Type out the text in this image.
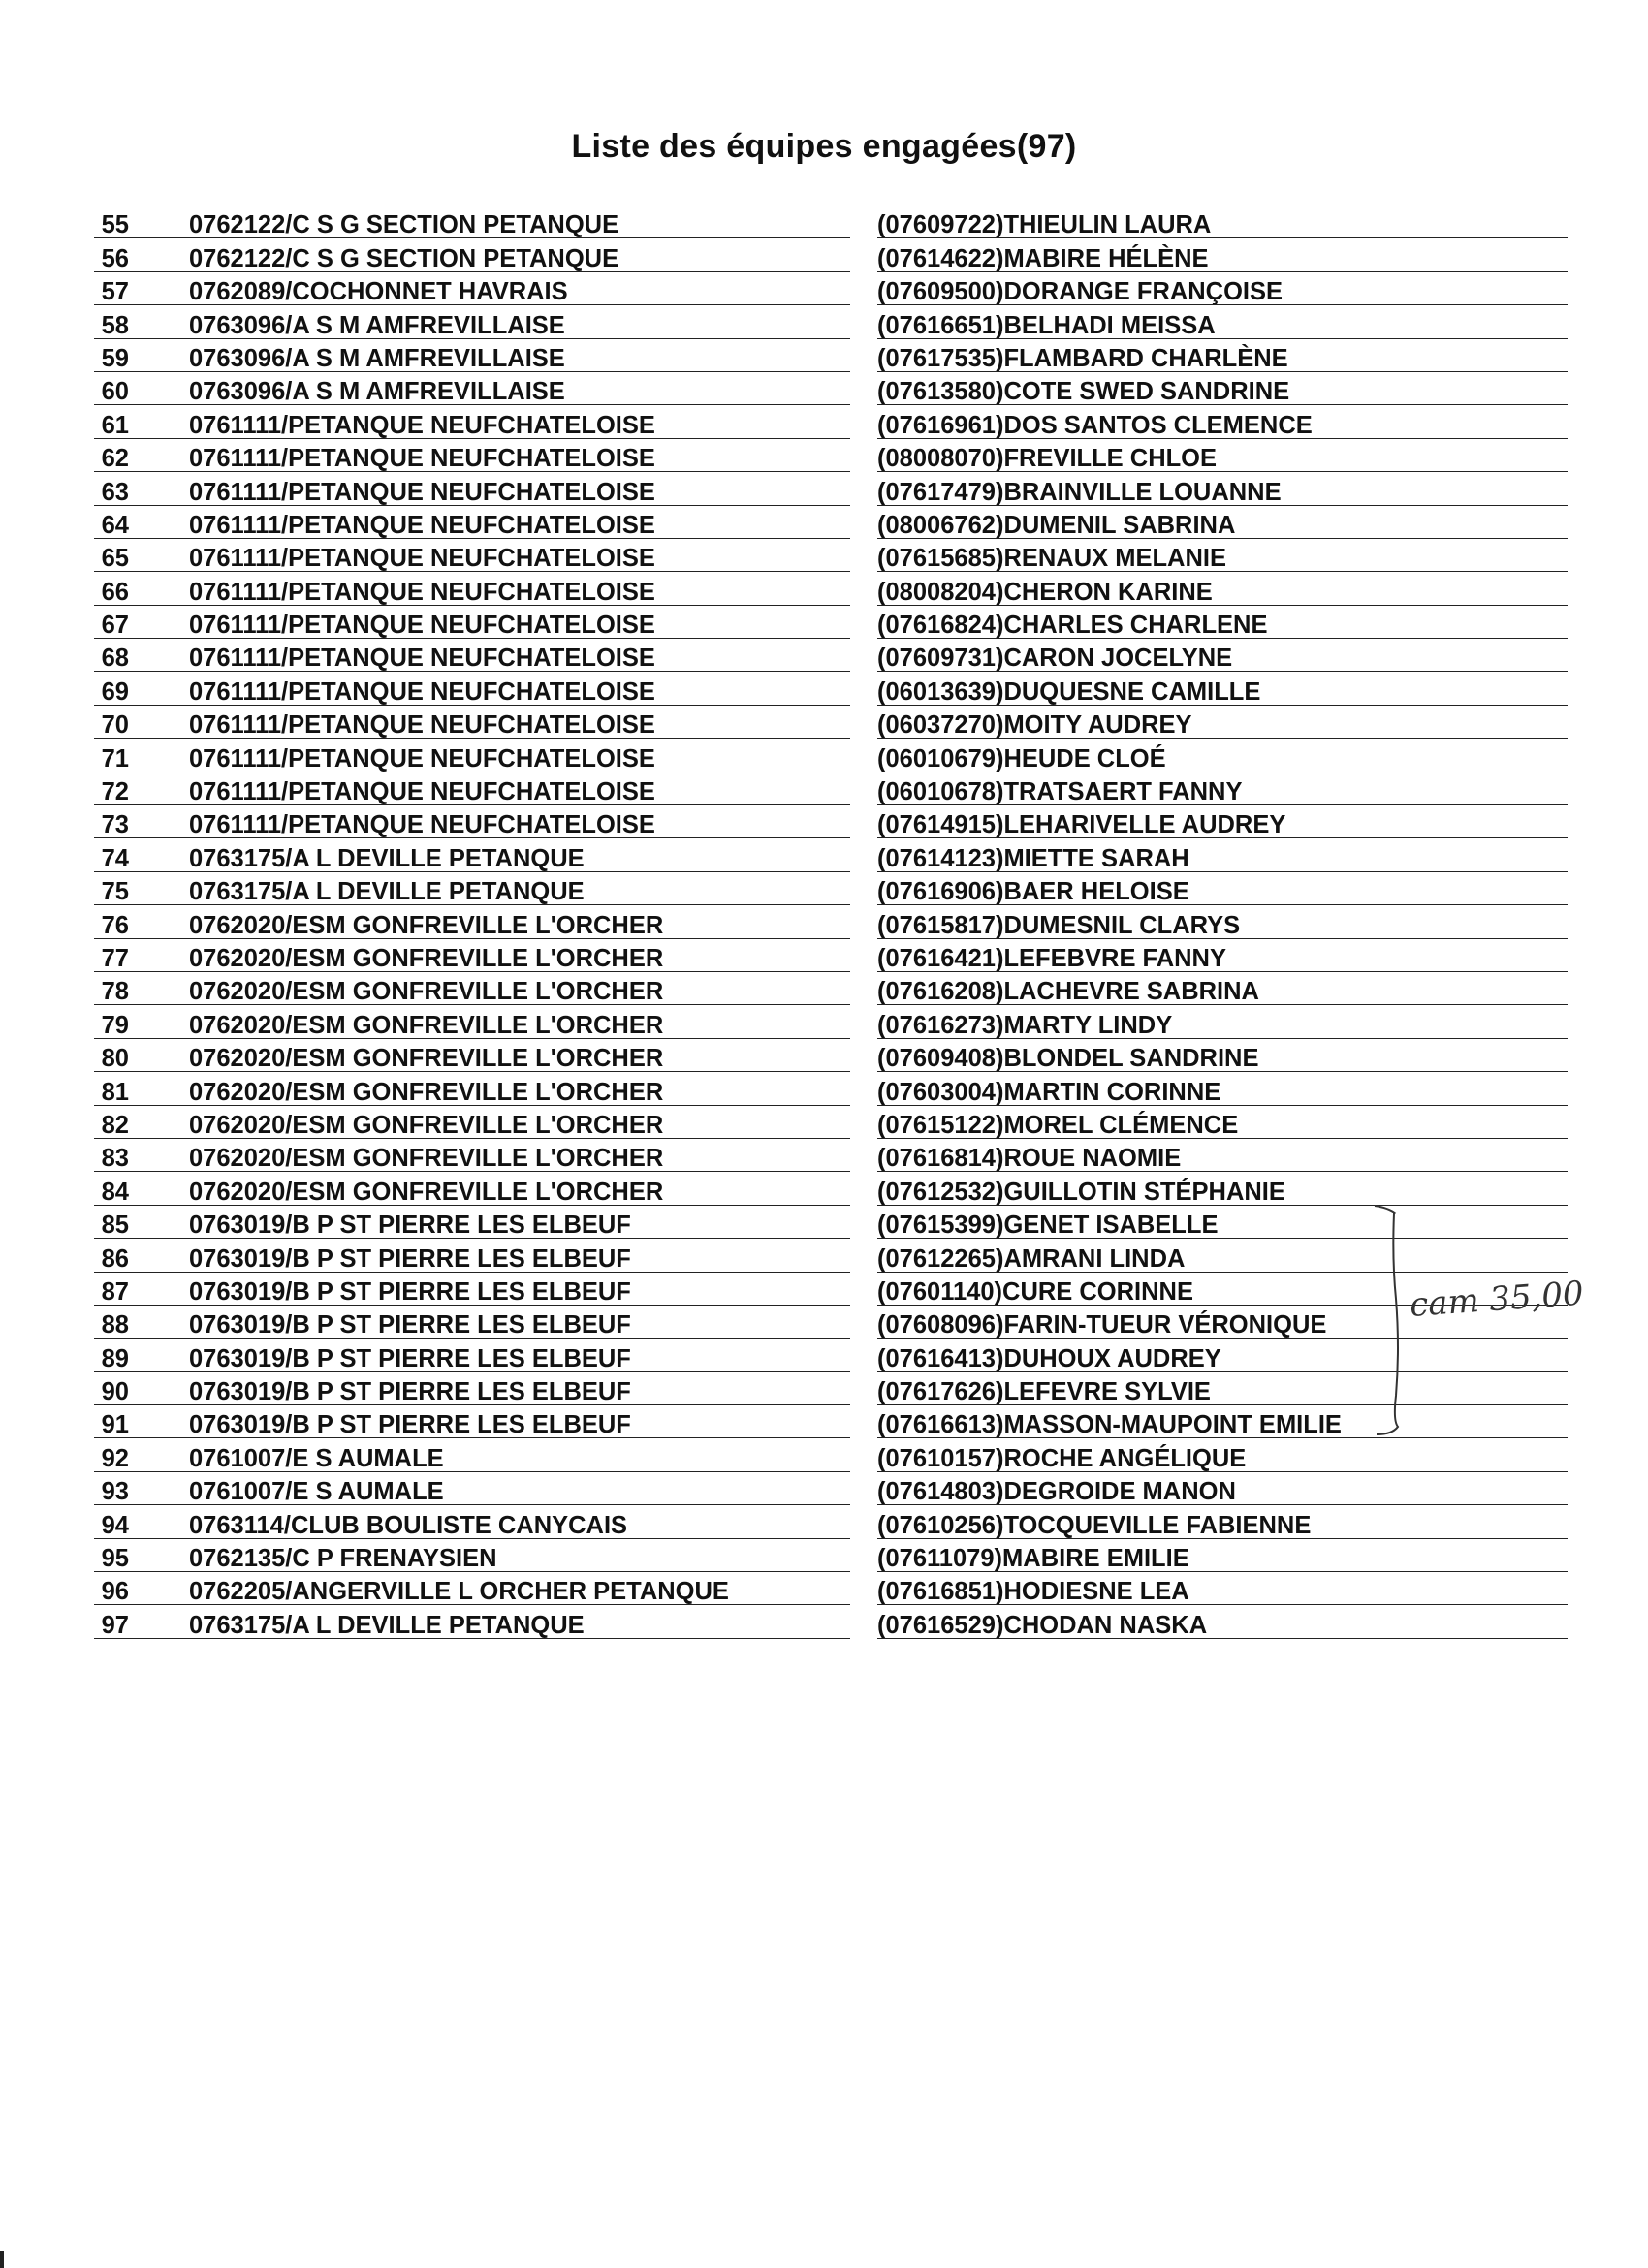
Liste des équipes engagées(97)
55 0762122/C S G SECTION PETANQUE	(07609722)THIEULIN LAURA
56 0762122/C S G SECTION PETANQUE	(07614622)MABIRE HÉLÈNE
57 0762089/COCHONNET HAVRAIS	(07609500)DORANGE FRANÇOISE
58 0763096/A S M AMFREVILLAISE	(07616651)BELHADI MEISSA
59 0763096/A S M AMFREVILLAISE	(07617535)FLAMBARD CHARLÈNE
60 0763096/A S M AMFREVILLAISE	(07613580)COTE SWED SANDRINE
61 0761111/PETANQUE NEUFCHATELOISE	(07616961)DOS SANTOS CLEMENCE
62 0761111/PETANQUE NEUFCHATELOISE	(08008070)FREVILLE CHLOE
63 0761111/PETANQUE NEUFCHATELOISE	(07617479)BRAINVILLE LOUANNE
64 0761111/PETANQUE NEUFCHATELOISE	(08006762)DUMENIL SABRINA
65 0761111/PETANQUE NEUFCHATELOISE	(07615685)RENAUX MELANIE
66 0761111/PETANQUE NEUFCHATELOISE	(08008204)CHERON KARINE
67 0761111/PETANQUE NEUFCHATELOISE	(07616824)CHARLES CHARLENE
68 0761111/PETANQUE NEUFCHATELOISE	(07609731)CARON JOCELYNE
69 0761111/PETANQUE NEUFCHATELOISE	(06013639)DUQUESNE CAMILLE
70 0761111/PETANQUE NEUFCHATELOISE	(06037270)MOITY AUDREY
71 0761111/PETANQUE NEUFCHATELOISE	(06010679)HEUDE CLOÉ
72 0761111/PETANQUE NEUFCHATELOISE	(06010678)TRATSAERT FANNY
73 0761111/PETANQUE NEUFCHATELOISE	(07614915)LEHARIVELLE AUDREY
74 0763175/A L DEVILLE PETANQUE	(07614123)MIETTE SARAH
75 0763175/A L DEVILLE PETANQUE	(07616906)BAER HELOISE
76 0762020/ESM GONFREVILLE L'ORCHER	(07615817)DUMESNIL CLARYS
77 0762020/ESM GONFREVILLE L'ORCHER	(07616421)LEFEBVRE FANNY
78 0762020/ESM GONFREVILLE L'ORCHER	(07616208)LACHEVRE SABRINA
79 0762020/ESM GONFREVILLE L'ORCHER	(07616273)MARTY LINDY
80 0762020/ESM GONFREVILLE L'ORCHER	(07609408)BLONDEL SANDRINE
81 0762020/ESM GONFREVILLE L'ORCHER	(07603004)MARTIN CORINNE
82 0762020/ESM GONFREVILLE L'ORCHER	(07615122)MOREL CLÉMENCE
83 0762020/ESM GONFREVILLE L'ORCHER	(07616814)ROUE NAOMIE
84 0762020/ESM GONFREVILLE L'ORCHER	(07612532)GUILLOTIN STÉPHANIE
85 0763019/B P ST PIERRE LES ELBEUF	(07615399)GENET ISABELLE
86 0763019/B P ST PIERRE LES ELBEUF	(07612265)AMRANI LINDA
87 0763019/B P ST PIERRE LES ELBEUF	(07601140)CURE CORINNE
88 0763019/B P ST PIERRE LES ELBEUF	(07608096)FARIN-TUEUR VÉRONIQUE
89 0763019/B P ST PIERRE LES ELBEUF	(07616413)DUHOUX AUDREY
90 0763019/B P ST PIERRE LES ELBEUF	(07617626)LEFEVRE SYLVIE
91 0763019/B P ST PIERRE LES ELBEUF	(07616613)MASSON-MAUPOINT EMILIE
92 0761007/E S AUMALE	(07610157)ROCHE ANGÉLIQUE
93 0761007/E S AUMALE	(07614803)DEGROIDE MANON
94 0763114/CLUB BOULISTE CANYCAIS	(07610256)TOCQUEVILLE FABIENNE
95 0762135/C P FRENAYSIEN	(07611079)MABIRE EMILIE
96 0762205/ANGERVILLE L ORCHER PETANQUE	(07616851)HODIESNE LEA
97 0763175/A L DEVILLE PETANQUE	(07616529)CHODAN NASKA
cam 35,00
